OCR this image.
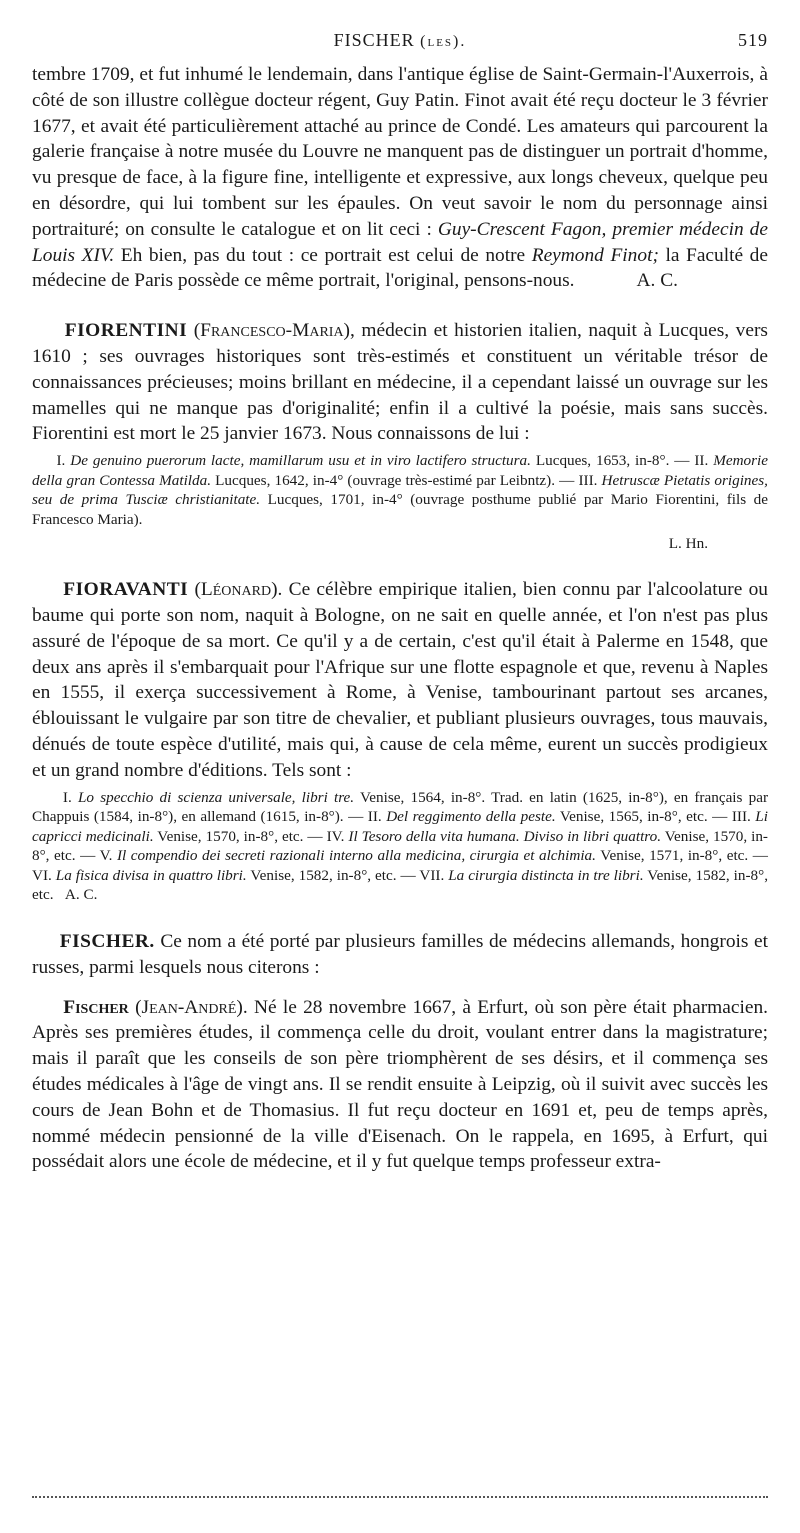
FISCHER (les).	519

tembre 1709, et fut inhumé le lendemain, dans l'antique église de Saint-Germain-l'Auxerrois, à côté de son illustre collègue docteur régent, Guy Patin. Finot avait été reçu docteur le 3 février 1677, et avait été particulièrement attaché au prince de Condé. Les amateurs qui parcourent la galerie française à notre musée du Louvre ne manquent pas de distinguer un portrait d'homme, vu presque de face, à la figure fine, intelligente et expressive, aux longs cheveux, quelque peu en désordre, qui lui tombent sur les épaules. On veut savoir le nom du personnage ainsi portraituré; on consulte le catalogue et on lit ceci : Guy-Crescent Fagon, premier médecin de Louis XIV. Eh bien, pas du tout : ce portrait est celui de notre Reymond Finot; la Faculté de médecine de Paris possède ce même portrait, l'original, pensons-nous.	A. C.

FIORENTINI (Francesco-Maria), médecin et historien italien, naquit à Lucques, vers 1610 ; ses ouvrages historiques sont très-estimés et constituent un véritable trésor de connaissances précieuses; moins brillant en médecine, il a cependant laissé un ouvrage sur les mamelles qui ne manque pas d'originalité; enfin il a cultivé la poésie, mais sans succès. Fiorentini est mort le 25 janvier 1673. Nous connaissons de lui :

I. De genuino puerorum lacte, mamillarum usu et in viro lactifero structura. Lucques, 1653, in-8°. — II. Memorie della gran Contessa Matilda. Lucques, 1642, in-4° (ouvrage très-estimé par Leibntz). — III. Hetruscæ Pietatis origines, seu de prima Tusciæ christianitate. Lucques, 1701, in-4° (ouvrage posthume publié par Mario Fiorentini, fils de Francesco Maria).
L. Hn.

FIORAVANTI (Léonard). Ce célèbre empirique italien, bien connu par l'alcoolature ou baume qui porte son nom, naquit à Bologne, on ne sait en quelle année, et l'on n'est pas plus assuré de l'époque de sa mort. Ce qu'il y a de certain, c'est qu'il était à Palerme en 1548, que deux ans après il s'embarquait pour l'Afrique sur une flotte espagnole et que, revenu à Naples en 1555, il exerça successivement à Rome, à Venise, tambourinant partout ses arcanes, éblouissant le vulgaire par son titre de chevalier, et publiant plusieurs ouvrages, tous mauvais, dénués de toute espèce d'utilité, mais qui, à cause de cela même, eurent un succès prodigieux et un grand nombre d'éditions. Tels sont :

I. Lo specchio di scienza universale, libri tre. Venise, 1564, in-8°. Trad. en latin (1625, in-8°), en français par Chappuis (1584, in-8°), en allemand (1615, in-8°). — II. Del reggimento della peste. Venise, 1565, in-8°, etc. — III. Li capricci medicinali. Venise, 1570, in-8°, etc. — IV. Il Tesoro della vita humana. Diviso in libri quattro. Venise, 1570, in-8°, etc. — V. Il compendio dei secreti razionali interno alla medicina, cirurgia et alchimia. Venise, 1571, in-8°, etc. — VI. La fisica divisa in quattro libri. Venise, 1582, in-8°, etc. — VII. La cirurgia distincta in tre libri. Venise, 1582, in-8°, etc. A. C.

FISCHER. Ce nom a été porté par plusieurs familles de médecins allemands, hongrois et russes, parmi lesquels nous citerons :

Fischer (Jean-André). Né le 28 novembre 1667, à Erfurt, où son père était pharmacien. Après ses premières études, il commença celle du droit, voulant entrer dans la magistrature; mais il paraît que les conseils de son père triomphèrent de ses désirs, et il commença ses études médicales à l'âge de vingt ans. Il se rendit ensuite à Leipzig, où il suivit avec succès les cours de Jean Bohn et de Thomasius. Il fut reçu docteur en 1691 et, peu de temps après, nommé médecin pensionné de la ville d'Eisenach. On le rappela, en 1695, à Erfurt, qui possédait alors une école de médecine, et il y fut quelque temps professeur extra-
